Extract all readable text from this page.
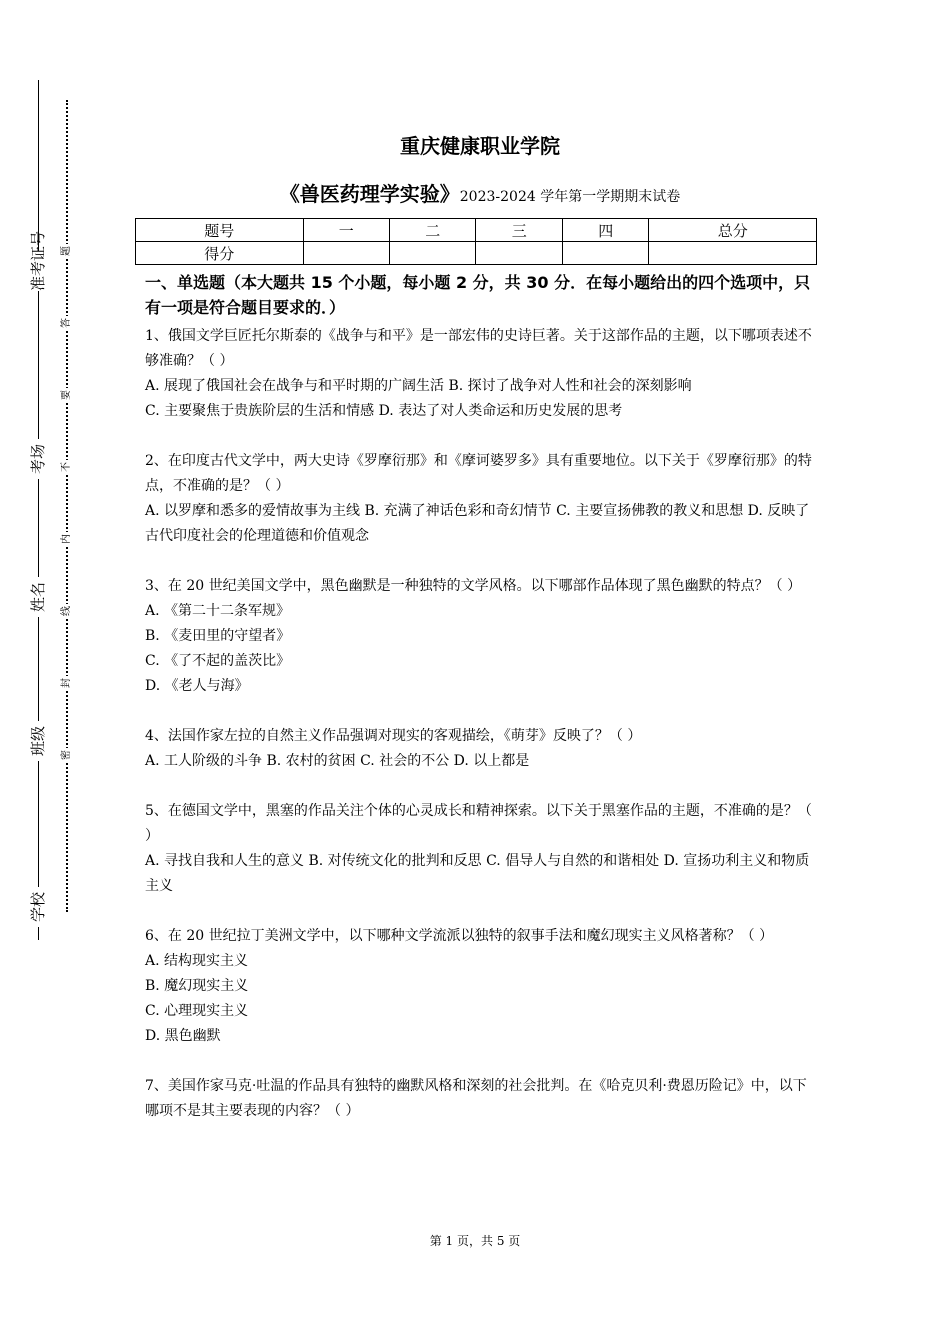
准考证号
考场
姓名
班级
学校
题
答
要
不
内
线
封
密
重庆健康职业学院
《兽医药理学实验》2023-2024 学年第一学期期末试卷
题号	一	二	三	四	总分
得分					
一、单选题（本大题共 15 个小题，每小题 2 分，共 30 分．在每小题给出的四个选项中，只有一项是符合题目要求的．）

1、俄国文学巨匠托尔斯泰的《战争与和平》是一部宏伟的史诗巨著。关于这部作品的主题，以下哪项表述不够准确？（ ）

A. 展现了俄国社会在战争与和平时期的广阔生活 B. 探讨了战争对人性和社会的深刻影响

C. 主要聚焦于贵族阶层的生活和情感 D. 表达了对人类命运和历史发展的思考

2、在印度古代文学中，两大史诗《罗摩衍那》和《摩诃婆罗多》具有重要地位。以下关于《罗摩衍那》的特点，不准确的是？（ ）

A. 以罗摩和悉多的爱情故事为主线 B. 充满了神话色彩和奇幻情节 C. 主要宣扬佛教的教义和思想 D. 反映了古代印度社会的伦理道德和价值观念

3、在 20 世纪美国文学中，黑色幽默是一种独特的文学风格。以下哪部作品体现了黑色幽默的特点？（ ）

A. 《第二十二条军规》

B. 《麦田里的守望者》

C. 《了不起的盖茨比》

D. 《老人与海》

4、法国作家左拉的自然主义作品强调对现实的客观描绘，《萌芽》反映了？（ ）

A. 工人阶级的斗争 B. 农村的贫困 C. 社会的不公 D. 以上都是

5、在德国文学中，黑塞的作品关注个体的心灵成长和精神探索。以下关于黑塞作品的主题，不准确的是？（ ）

A. 寻找自我和人生的意义 B. 对传统文化的批判和反思 C. 倡导人与自然的和谐相处 D. 宣扬功利主义和物质主义

6、在 20 世纪拉丁美洲文学中，以下哪种文学流派以独特的叙事手法和魔幻现实主义风格著称？（ ）

A. 结构现实主义

B. 魔幻现实主义

C. 心理现实主义

D. 黑色幽默

7、美国作家马克·吐温的作品具有独特的幽默风格和深刻的社会批判。在《哈克贝利·费恩历险记》中，以下哪项不是其主要表现的内容？（ ）

第 1 页，共 5 页
